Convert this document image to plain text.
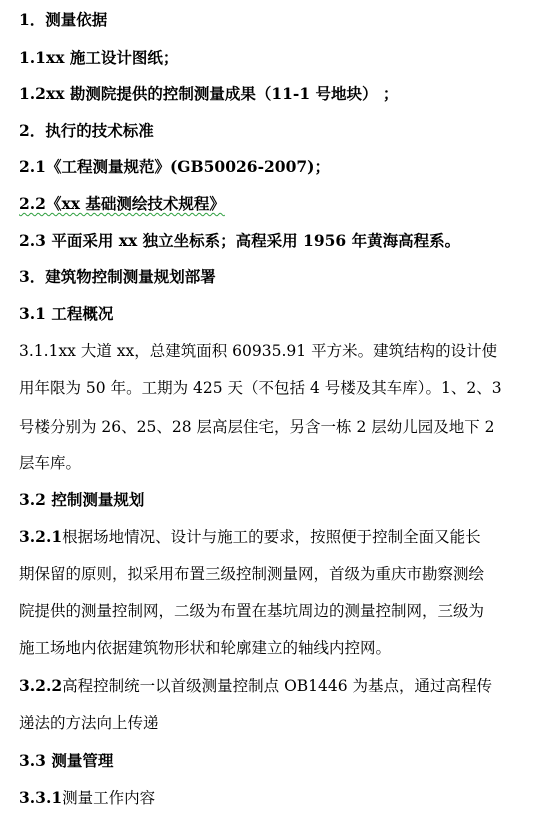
1．测量依据
1.1xx 施工设计图纸；
1.2xx 勘测院提供的控制测量成果（11-1 号地块） ；
2．执行的技术标准
2.1《工程测量规范》(GB50026-2007)；
2.2《xx 基础测绘技术规程》
2.3 平面采用 xx 独立坐标系；高程采用 1956 年黄海高程系。
3．建筑物控制测量规划部署
3.1 工程概况
3.1.1xx 大道 xx，总建筑面积 60935.91 平方米。建筑结构的设计使
用年限为 50 年。工期为 425 天（不包括 4 号楼及其车库）。1、2、3
号楼分别为 26、25、28 层高层住宅，另含一栋 2 层幼儿园及地下 2
层车库。
3.2 控制测量规划
3.2.1根据场地情况、设计与施工的要求，按照便于控制全面又能长
期保留的原则，拟采用布置三级控制测量网，首级为重庆市勘察测绘
院提供的测量控制网，二级为布置在基坑周边的测量控制网，三级为
施工场地内依据建筑物形状和轮廓建立的轴线内控网。
3.2.2高程控制统一以首级测量控制点 OB1446 为基点，通过高程传
递法的方法向上传递
3.3 测量管理
3.3.1测量工作内容
